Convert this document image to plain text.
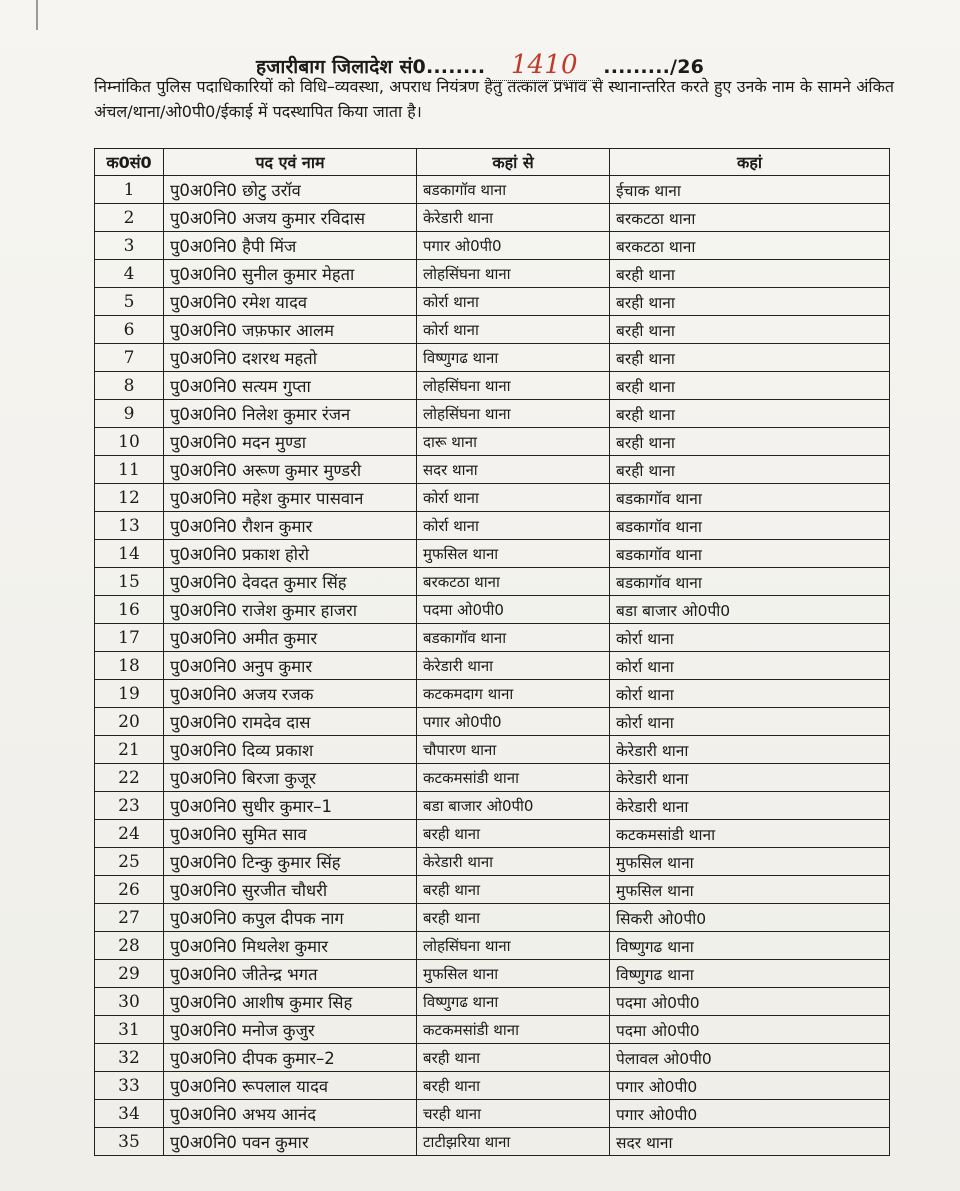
हजारीबाग जिलादेश सं0........ 1410 ........./26
निम्नांकित पुलिस पदाधिकारियों को विधि–व्यवस्था, अपराध नियंत्रण हेतु तत्काल प्रभाव से स्थानान्तरित करते हुए उनके नाम के सामने अंकित अंचल/थाना/ओ0पी0/ईकाई में पदस्थापित किया जाता है।
क0सं0	पद एवं नाम	कहां से	कहां
1	पु0अ0नि0 छोटु उरॉव	बडकागॉव थाना	ईचाक थाना
2	पु0अ0नि0 अजय कुमार रविदास	केरेडारी थाना	बरकटठा थाना
3	पु0अ0नि0 हैपी मिंज	पगार ओ0पी0	बरकटठा थाना
4	पु0अ0नि0 सुनील कुमार मेहता	लोहसिंघना थाना	बरही थाना
5	पु0अ0नि0 रमेश यादव	कोर्रा थाना	बरही थाना
6	पु0अ0नि0 जफ़फार आलम	कोर्रा थाना	बरही थाना
7	पु0अ0नि0 दशरथ महतो	विष्णुगढ थाना	बरही थाना
8	पु0अ0नि0 सत्यम गुप्ता	लोहसिंघना थाना	बरही थाना
9	पु0अ0नि0 निलेश कुमार रंजन	लोहसिंघना थाना	बरही थाना
10	पु0अ0नि0 मदन मुण्डा	दारू थाना	बरही थाना
11	पु0अ0नि0 अरूण कुमार मुण्डरी	सदर थाना	बरही थाना
12	पु0अ0नि0 महेश कुमार पासवान	कोर्रा थाना	बडकागॉव थाना
13	पु0अ0नि0 रौशन कुमार	कोर्रा थाना	बडकागॉव थाना
14	पु0अ0नि0 प्रकाश होरो	मुफसिल थाना	बडकागॉव थाना
15	पु0अ0नि0 देवदत कुमार सिंह	बरकटठा थाना	बडकागॉव थाना
16	पु0अ0नि0 राजेश कुमार हाजरा	पदमा ओ0पी0	बडा बाजार ओ0पी0
17	पु0अ0नि0 अमीत कुमार	बडकागॉव थाना	कोर्रा थाना
18	पु0अ0नि0 अनुप कुमार	केरेडारी थाना	कोर्रा थाना
19	पु0अ0नि0 अजय रजक	कटकमदाग थाना	कोर्रा थाना
20	पु0अ0नि0 रामदेव दास	पगार ओ0पी0	कोर्रा थाना
21	पु0अ0नि0 दिव्य प्रकाश	चौपारण थाना	केरेडारी थाना
22	पु0अ0नि0 बिरजा कुजूर	कटकमसांडी थाना	केरेडारी थाना
23	पु0अ0नि0 सुधीर कुमार–1	बडा बाजार ओ0पी0	केरेडारी थाना
24	पु0अ0नि0 सुमित साव	बरही थाना	कटकमसांडी थाना
25	पु0अ0नि0 टिन्कु कुमार सिंह	केरेडारी थाना	मुफसिल थाना
26	पु0अ0नि0 सुरजीत चौधरी	बरही थाना	मुफसिल थाना
27	पु0अ0नि0 कपुल दीपक नाग	बरही थाना	सिकरी ओ0पी0
28	पु0अ0नि0 मिथलेश कुमार	लोहसिंघना थाना	विष्णुगढ थाना
29	पु0अ0नि0 जीतेन्द्र भगत	मुफसिल थाना	विष्णुगढ थाना
30	पु0अ0नि0 आशीष कुमार सिह	विष्णुगढ थाना	पदमा ओ0पी0
31	पु0अ0नि0 मनोज कुजुर	कटकमसांडी थाना	पदमा ओ0पी0
32	पु0अ0नि0 दीपक कुमार–2	बरही थाना	पेलावल ओ0पी0
33	पु0अ0नि0 रूपलाल यादव	बरही थाना	पगार ओ0पी0
34	पु0अ0नि0 अभय आनंद	चरही थाना	पगार ओ0पी0
35	पु0अ0नि0 पवन कुमार	टाटीझरिया थाना	सदर थाना
